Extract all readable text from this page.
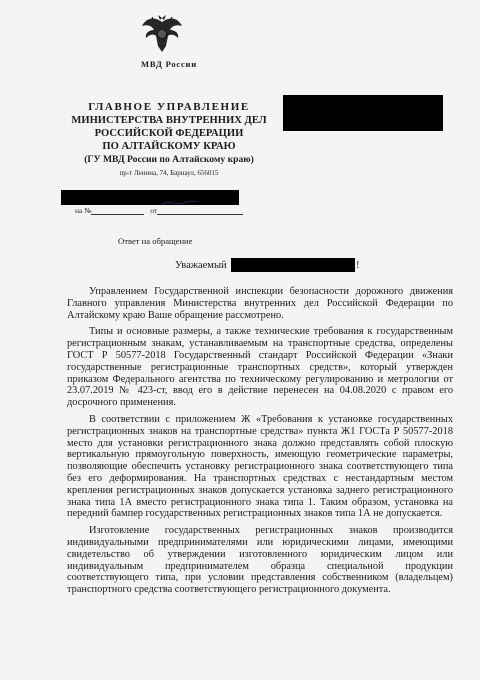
МВД России
ГЛАВНОЕ УПРАВЛЕНИЕ
МИНИСТЕРСТВА ВНУТРЕННИХ ДЕЛ
РОССИЙСКОЙ ФЕДЕРАЦИИ
ПО АЛТАЙСКОМУ КРАЮ
(ГУ МВД России по Алтайскому краю)
пр-т Ленина, 74, Барнаул, 656015
на №	от
Ответ на обращение
Уважаемый	!

Управлением Государственной инспекции безопасности дорожного движения Главного управления Министерства внутренних дел Российской Федерации по Алтайскому краю Ваше обращение рассмотрено.

Типы и основные размеры, а также технические требования к государственным регистрационным знакам, устанавливаемым на транспортные средства, определены ГОСТ Р 50577-2018 Государственный стандарт Российской Федерации «Знаки государственные регистрационные транспортных средств», который утвержден приказом Федерального агентства по техническому регулированию и метрологии от 23.07.2019 № 423-ст, ввод его в действие перенесен на 04.08.2020 с правом его досрочного применения.

В соответствии с приложением Ж «Требования к установке государственных регистрационных знаков на транспортные средства» пункта Ж1 ГОСТа Р 50577-2018 место для установки регистрационного знака должно представлять собой плоскую вертикальную прямоугольную поверхность, имеющую геометрические параметры, позволяющие обеспечить установку регистрационного знака соответствующего типа без его деформирования. На транспортных средствах с нестандартным местом крепления регистрационных знаков допускается установка заднего регистрационного знака типа 1А вместо регистрационного знака типа 1. Таким образом, установка на передний бампер государственных регистрационных знаков типа 1А не допускается.

Изготовление государственных регистрационных знаков производится индивидуальными предпринимателями или юридическими лицами, имеющими свидетельство об утверждении изготовленного юридическим лицом или индивидуальным предпринимателем образца специальной продукции соответствующего типа, при условии представления собственником (владельцем) транспортного средства соответствующего регистрационного документа.
